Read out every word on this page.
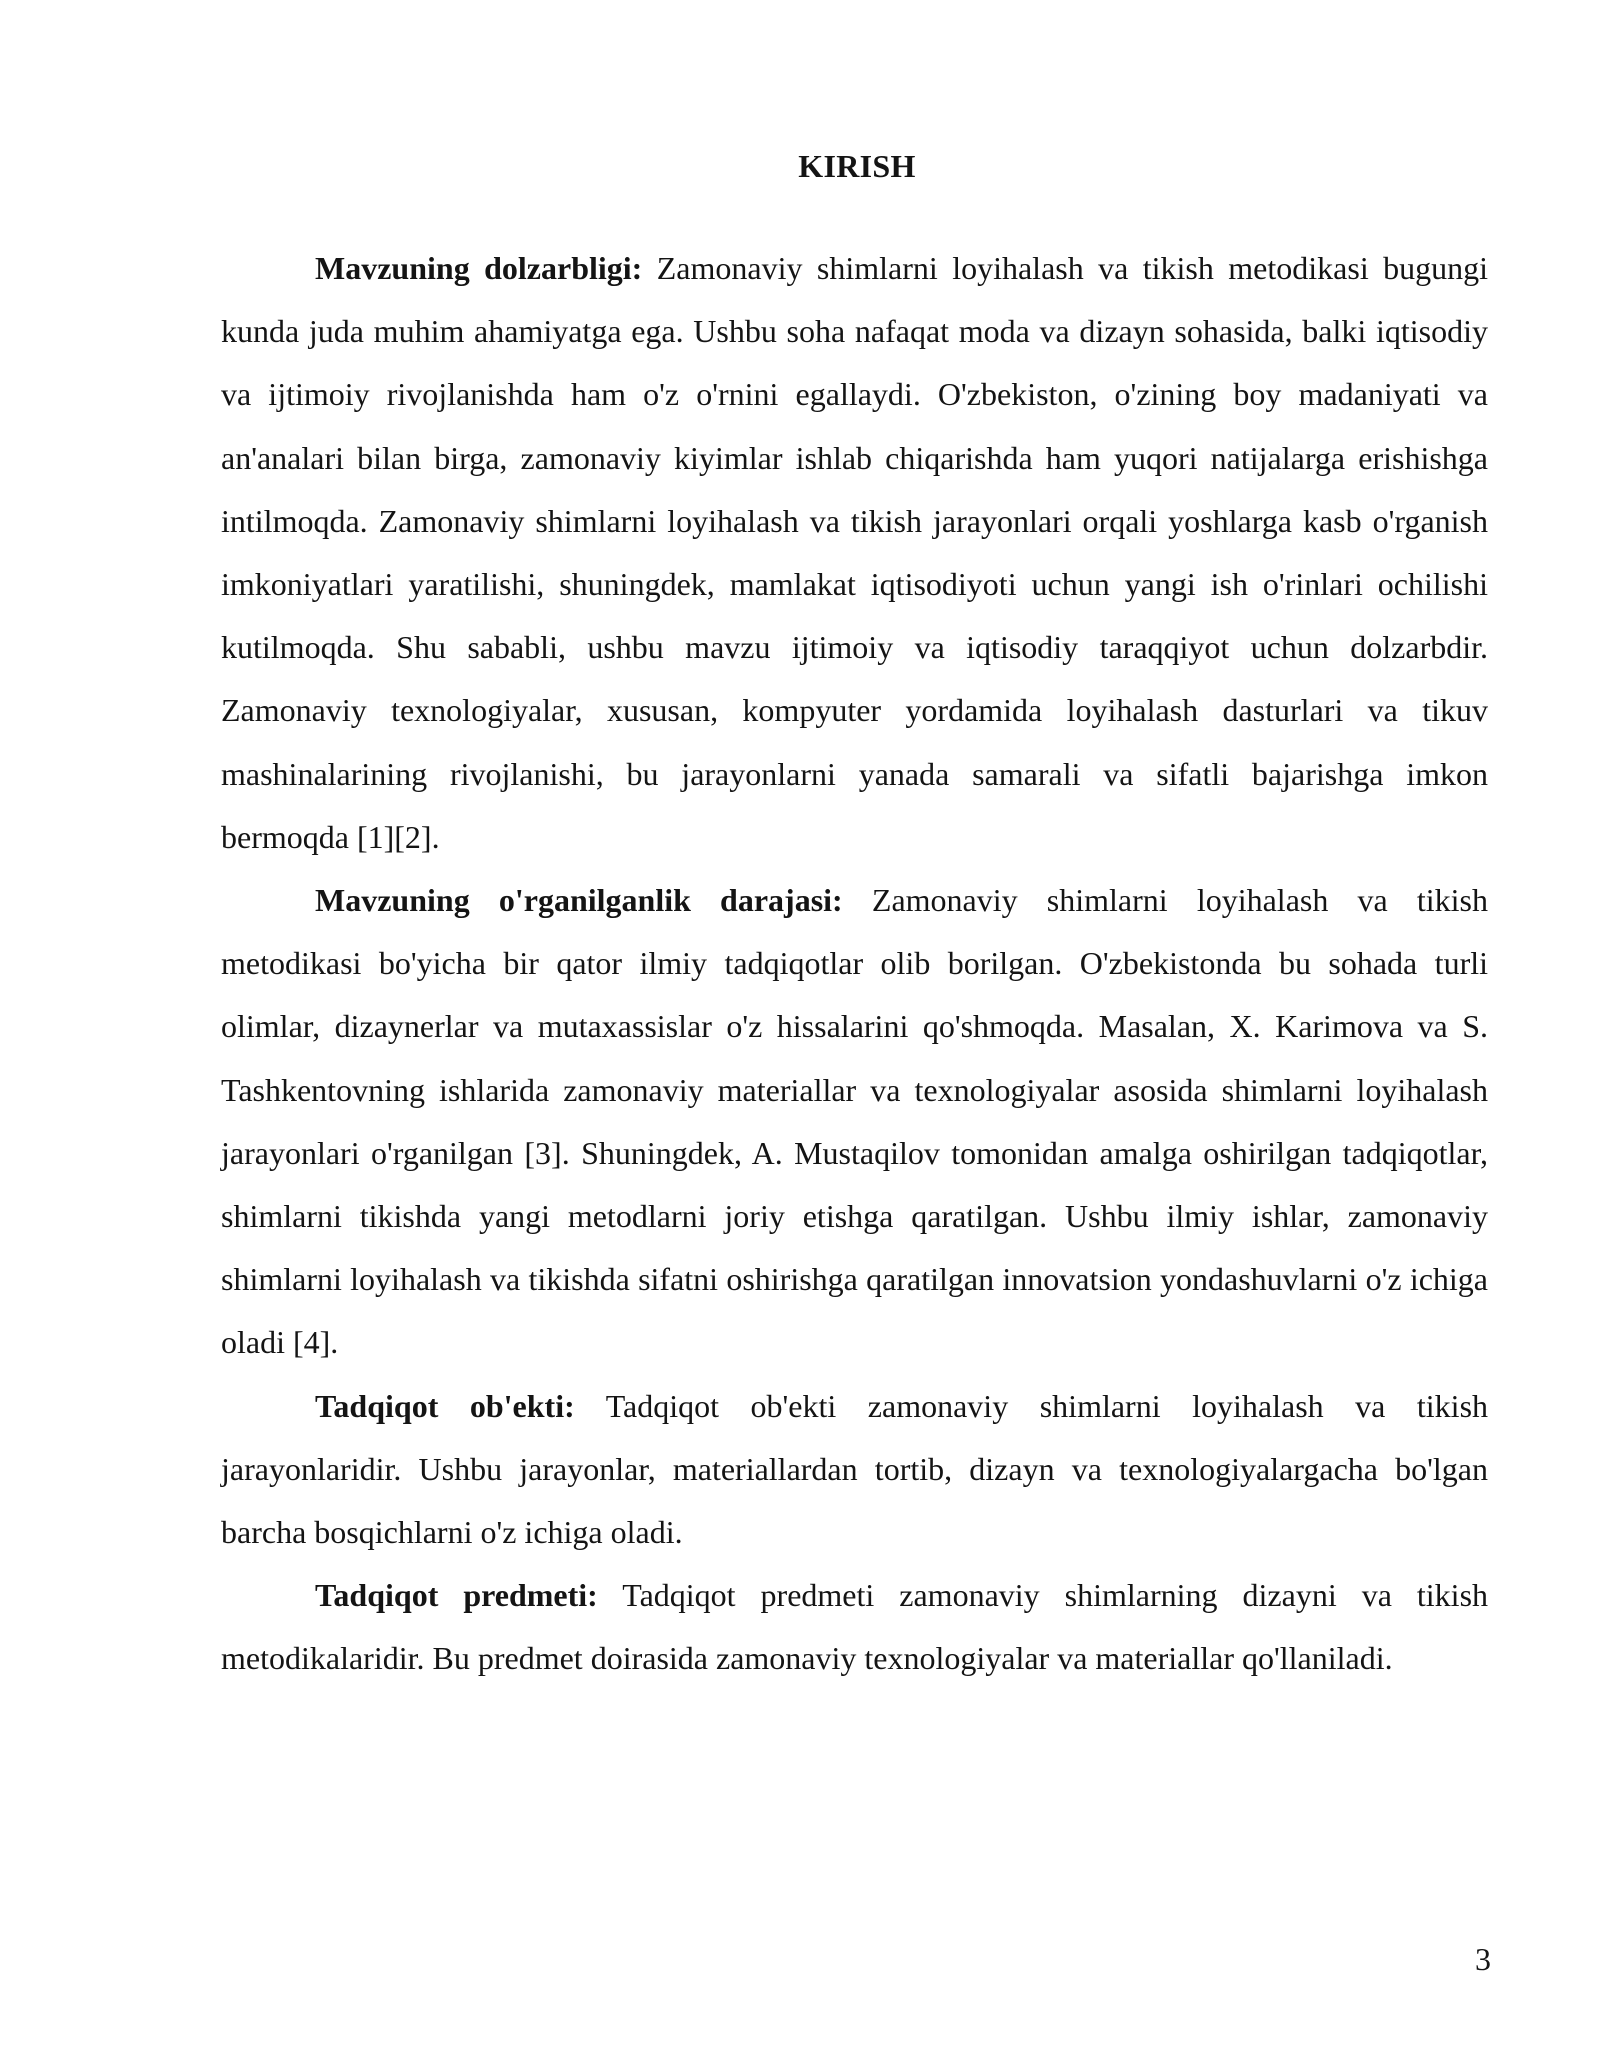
KIRISH

Mavzuning dolzarbligi: Zamonaviy shimlarni loyihalash va tikish metodikasi bugungi kunda juda muhim ahamiyatga ega. Ushbu soha nafaqat moda va dizayn sohasida, balki iqtisodiy va ijtimoiy rivojlanishda ham o'z o'rnini egallaydi. O'zbekiston, o'zining boy madaniyati va an'analari bilan birga, zamonaviy kiyimlar ishlab chiqarishda ham yuqori natijalarga erishishga intilmoqda. Zamonaviy shimlarni loyihalash va tikish jarayonlari orqali yoshlarga kasb o'rganish imkoniyatlari yaratilishi, shuningdek, mamlakat iqtisodiyoti uchun yangi ish o'rinlari ochilishi kutilmoqda. Shu sababli, ushbu mavzu ijtimoiy va iqtisodiy taraqqiyot uchun dolzarbdir. Zamonaviy texnologiyalar, xususan, kompyuter yordamida loyihalash dasturlari va tikuv mashinalarining rivojlanishi, bu jarayonlarni yanada samarali va sifatli bajarishga imkon bermoqda [1][2].

Mavzuning o'rganilganlik darajasi: Zamonaviy shimlarni loyihalash va tikish metodikasi bo'yicha bir qator ilmiy tadqiqotlar olib borilgan. O'zbekistonda bu sohada turli olimlar, dizaynerlar va mutaxassislar o'z hissalarini qo'shmoqda. Masalan, X. Karimova va S. Tashkentovning ishlarida zamonaviy materiallar va texnologiyalar asosida shimlarni loyihalash jarayonlari o'rganilgan [3]. Shuningdek, A. Mustaqilov tomonidan amalga oshirilgan tadqiqotlar, shimlarni tikishda yangi metodlarni joriy etishga qaratilgan. Ushbu ilmiy ishlar, zamonaviy shimlarni loyihalash va tikishda sifatni oshirishga qaratilgan innovatsion yondashuvlarni o'z ichiga oladi [4].

Tadqiqot ob'ekti: Tadqiqot ob'ekti zamonaviy shimlarni loyihalash va tikish jarayonlaridir. Ushbu jarayonlar, materiallardan tortib, dizayn va texnologiyalargacha bo'lgan barcha bosqichlarni o'z ichiga oladi.

Tadqiqot predmeti: Tadqiqot predmeti zamonaviy shimlarning dizayni va tikish metodikalaridir. Bu predmet doirasida zamonaviy texnologiyalar va materiallar qo'llaniladi.

3
